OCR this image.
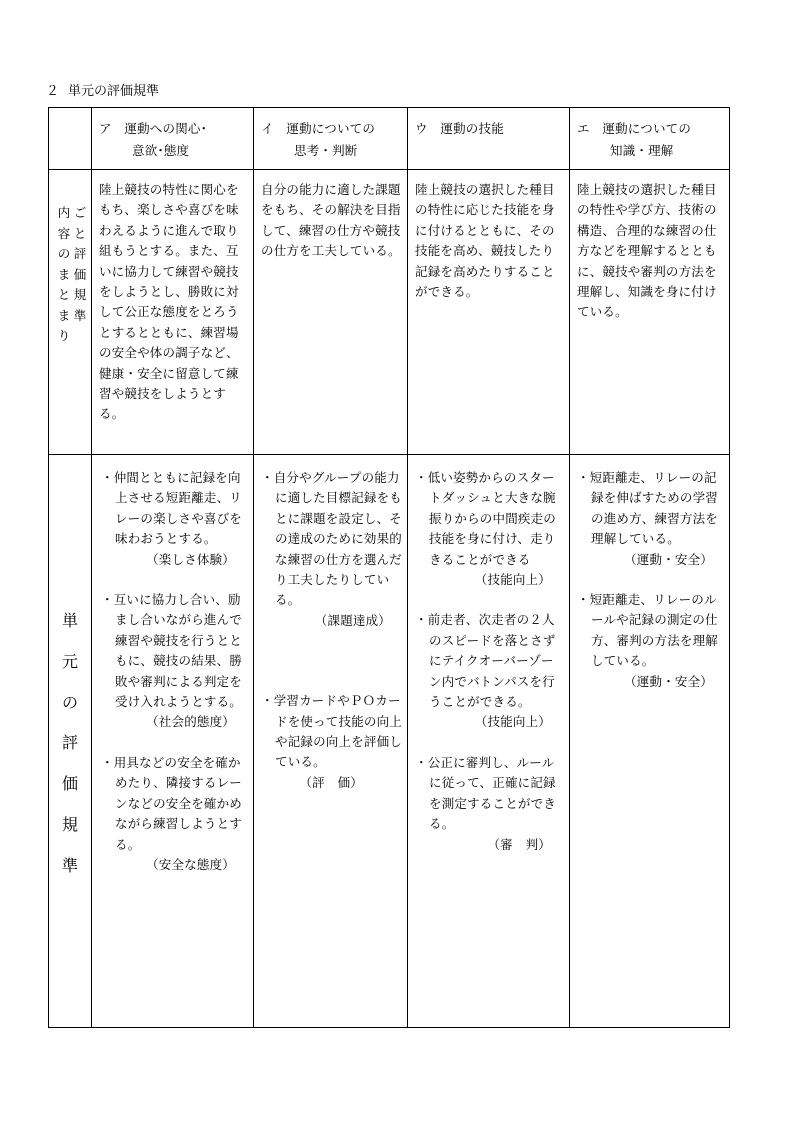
２ 単元の評価規準
ア　運動への関心･
意欲･態度
イ　運動についての
思考・判断
ウ　運動の技能	エ　運動についての
知識・理解
内
容
の
ま
と
ま
り
ご
と
評
価
規
準
陸上競技の特性に関心をもち、楽しさや喜びを味わえるように進んで取り組もうとする。また、互いに協力して練習や競技をしようとし、勝敗に対して公正な態度をとろうとするとともに、練習場の安全や体の調子など、健康・安全に留意して練習や競技をしようとする。
自分の能力に適した課題をもち、その解決を目指して、練習の仕方や競技の仕方を工夫している。
陸上競技の選択した種目の特性に応じた技能を身に付けるとともに、その技能を高め、競技したり記録を高めたりすることができる。
陸上競技の選択した種目の特性や学び方、技術の構造、合理的な練習の仕方などを理解するとともに、競技や審判の方法を理解し、知識を身に付けている。
単
元
の
評
価
規
準
・仲間とともに記録を向上させる短距離走、リレーの楽しさや喜びを味わおうとする。
（楽しさ体験）
・互いに協力し合い、励まし合いながら進んで練習や競技を行うとともに、競技の結果、勝敗や審判による判定を受け入れようとする。
（社会的態度）
・用具などの安全を確かめたり、隣接するレーンなどの安全を確かめながら練習しようとする。
（安全な態度）
・自分やグループの能力に適した目標記録をもとに課題を設定し、その達成のために効果的な練習の仕方を選んだり工夫したりしている。
（課題達成）
・学習カードやＰＯカードを使って技能の向上や記録の向上を評価している。
（評　価）
・低い姿勢からのスタートダッシュと大きな腕振りからの中間疾走の技能を身に付け、走りきることができる
（技能向上）
・前走者、次走者の２人のスピードを落とさずにテイクオーバーゾーン内でバトンパスを行うことができる。
（技能向上）
・公正に審判し、ルールに従って、正確に記録を測定することができる。
（審　判）
・短距離走、リレーの記録を伸ばすための学習の進め方、練習方法を理解している。
（運動・安全）
・短距離走、リレーのルールや記録の測定の仕方、審判の方法を理解している。
（運動・安全）
